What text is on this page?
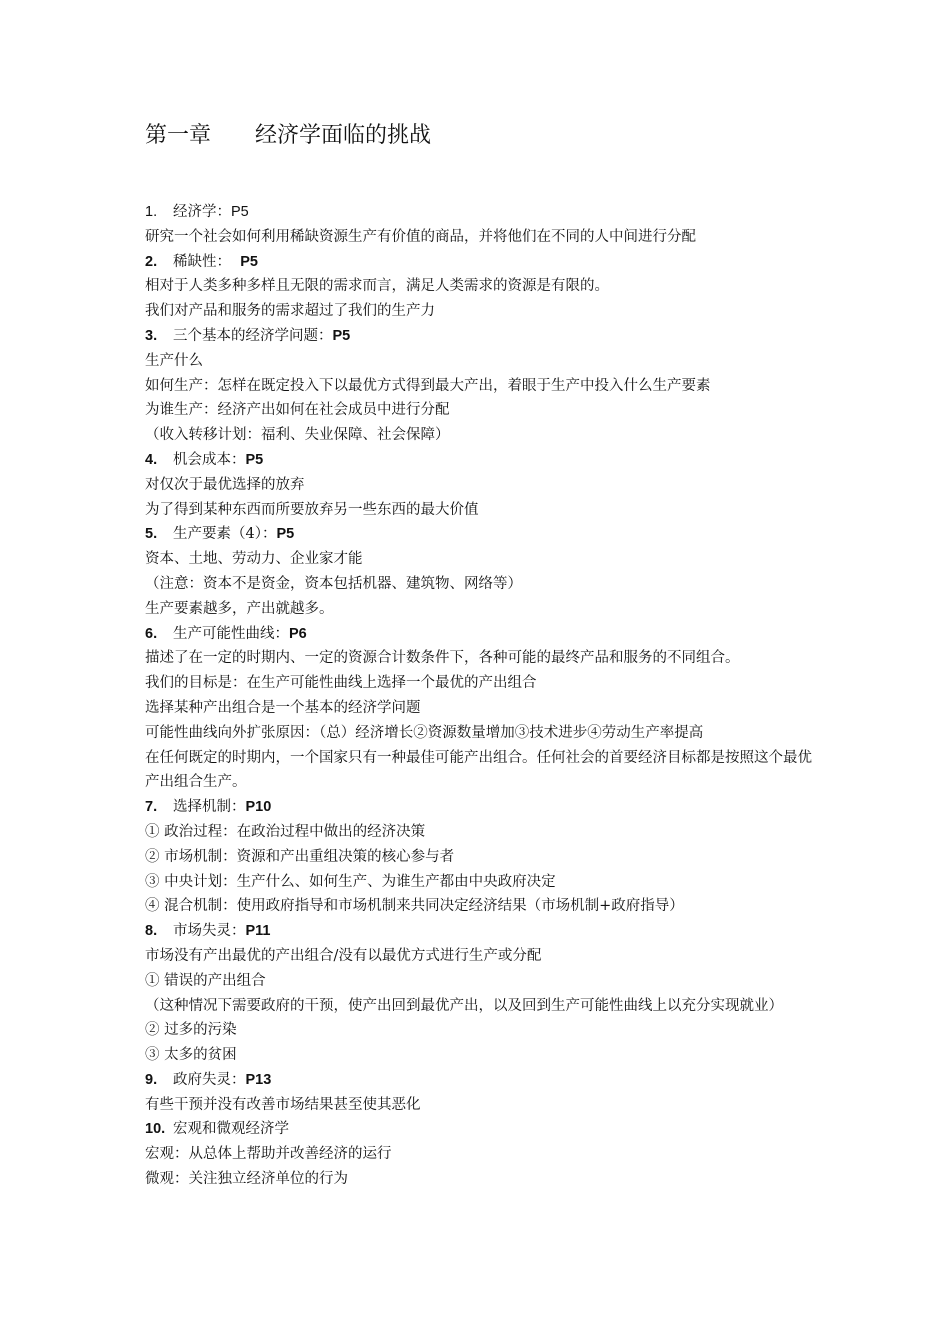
第一章　　经济学面临的挑战
1. 经济学：P5
研究一个社会如何利用稀缺资源生产有价值的商品，并将他们在不同的人中间进行分配
2. 稀缺性：  P5
相对于人类多种多样且无限的需求而言，满足人类需求的资源是有限的。
我们对产品和服务的需求超过了我们的生产力
3. 三个基本的经济学问题：P5
生产什么
如何生产：怎样在既定投入下以最优方式得到最大产出，着眼于生产中投入什么生产要素
为谁生产：经济产出如何在社会成员中进行分配
（收入转移计划：福利、失业保障、社会保障）
4. 机会成本：P5
对仅次于最优选择的放弃
为了得到某种东西而所要放弃另一些东西的最大价值
5. 生产要素（4）：P5
资本、土地、劳动力、企业家才能
（注意：资本不是资金，资本包括机器、建筑物、网络等）
生产要素越多，产出就越多。
6. 生产可能性曲线：P6
描述了在一定的时期内、一定的资源合计数条件下，各种可能的最终产品和服务的不同组合。
我们的目标是：在生产可能性曲线上选择一个最优的产出组合
选择某种产出组合是一个基本的经济学问题
可能性曲线向外扩张原因：（总）经济增长②资源数量增加③技术进步④劳动生产率提高
在任何既定的时期内，一个国家只有一种最佳可能产出组合。任何社会的首要经济目标都是按照这个最优产出组合生产。
7. 选择机制：P10
① 政治过程：在政治过程中做出的经济决策
② 市场机制：资源和产出重组决策的核心参与者
③ 中央计划：生产什么、如何生产、为谁生产都由中央政府决定
④ 混合机制：使用政府指导和市场机制来共同决定经济结果（市场机制+政府指导）
8. 市场失灵：P11
市场没有产出最优的产出组合/没有以最优方式进行生产或分配
① 错误的产出组合
（这种情况下需要政府的干预，使产出回到最优产出，以及回到生产可能性曲线上以充分实现就业）
② 过多的污染
③ 太多的贫困
9. 政府失灵：P13
有些干预并没有改善市场结果甚至使其恶化
10. 宏观和微观经济学
宏观：从总体上帮助并改善经济的运行
微观：关注独立经济单位的行为
